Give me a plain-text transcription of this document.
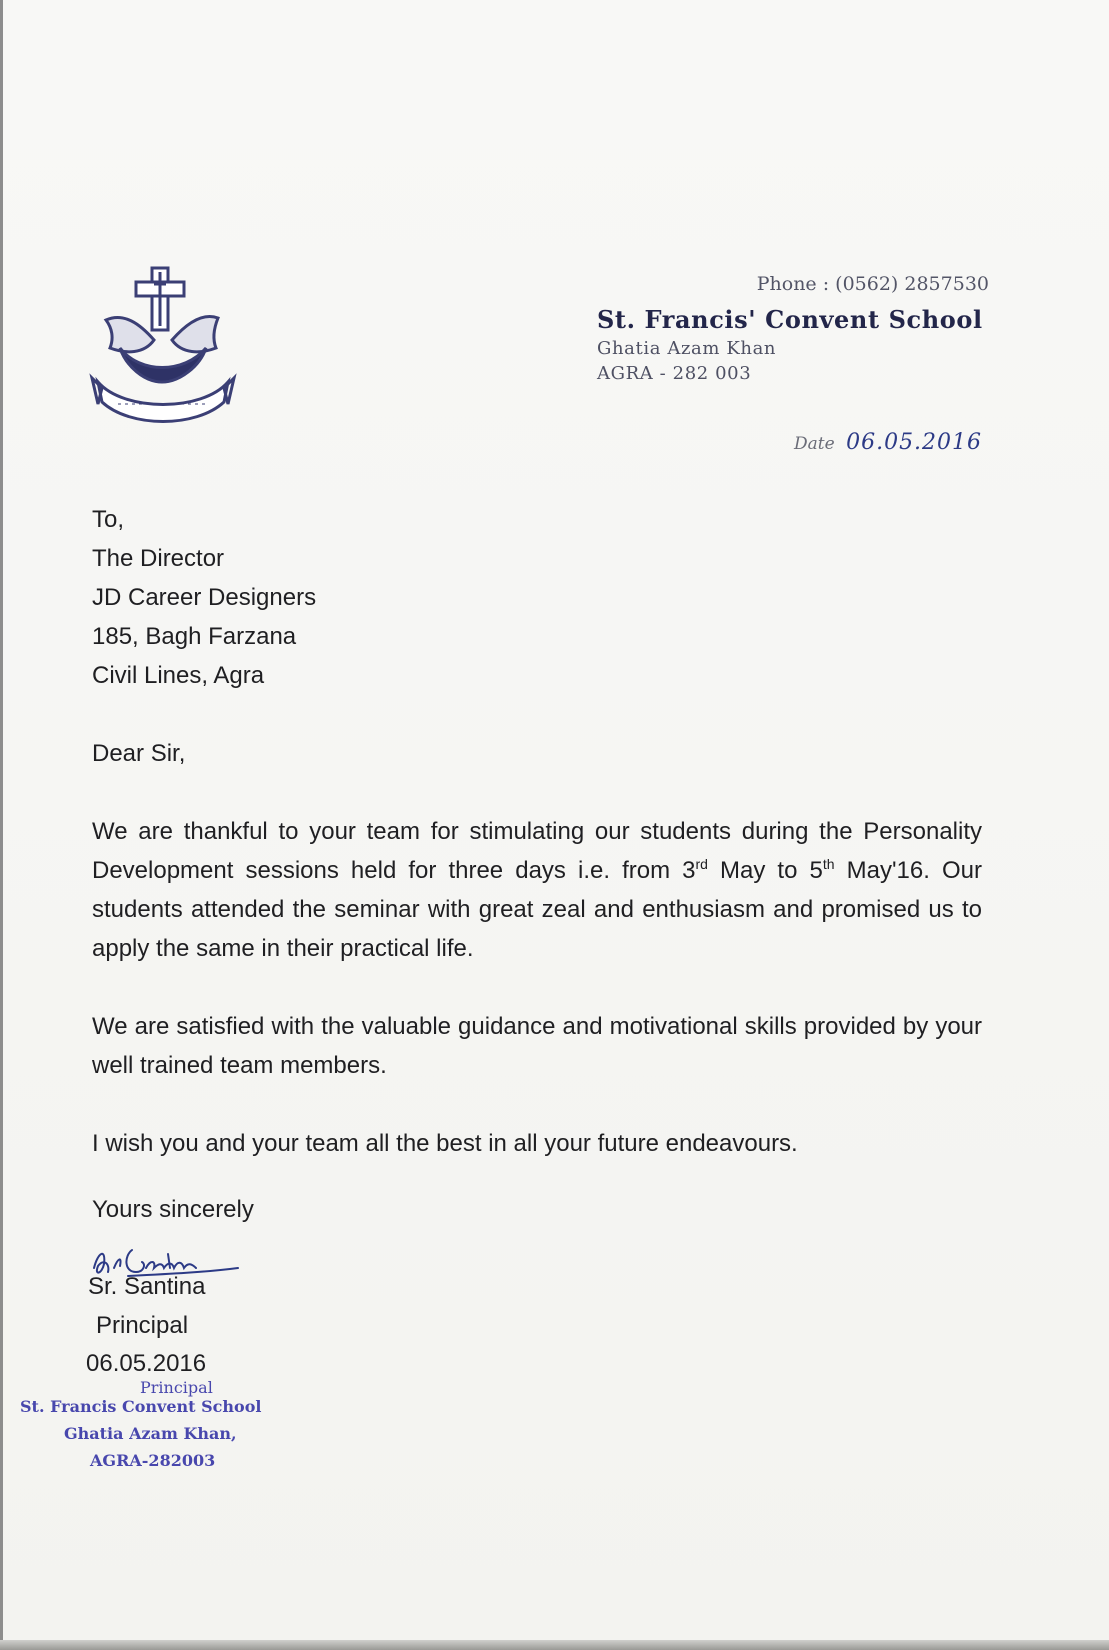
Phone : (0562) 2857530

St. Francis' Convent School

Ghatia Azam Khan

AGRA - 282 003

Date 06.05.2016
To,
The Director
JD Career Designers
185, Bagh Farzana
Civil Lines, Agra
Dear Sir,
We are thankful to your team for stimulating our students during the Personality Development sessions held for three days i.e. from 3rd May to 5th May'16. Our students attended the seminar with great zeal and enthusiasm and promised us to apply the same in their practical life.
We are satisfied with the valuable guidance and motivational skills provided by your well trained team members.
I wish you and your team all the best in all your future endeavours.
Yours sincerely
Sr. Santina
Principal
06.05.2016
Principal
St. Francis Convent School
Ghatia Azam Khan,
AGRA-282003
